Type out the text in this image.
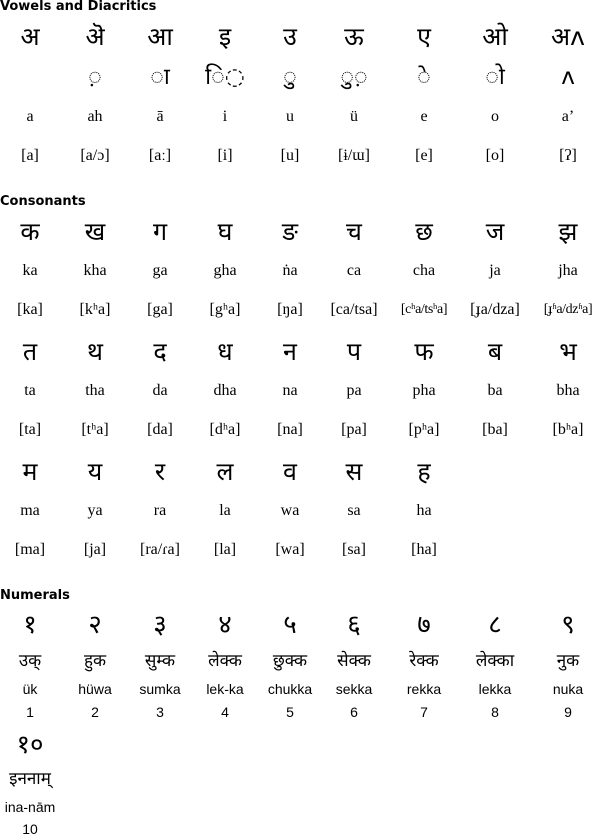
Vowels and Diacritics
अ
a
[a]
ऄ
◌़
ah
[a/ɔ]
आ
◌ा
ā
[aː]
इ
ि◌
i
[i]
उ
◌ु
u
[u]
ऊ
◌ु◌़
ü
[ɨ/ɯ]
ए
◌े
e
[e]
ओ
◌ो
o
[o]
अʌ
ʌ
a’
[ʔ]
Consonants
क
ka
[ka]
ख
kha
[kʰa]
ग
ga
[ga]
घ
gha
[gʰa]
ङ
ṅa
[ŋa]
च
ca
[ca/tsa]
छ
cha
[cʰa/tsʰa]
ज
ja
[ɟa/dza]
झ
jha
[ɟʱa/dzʱa]
त
ta
[ta]
थ
tha
[tʰa]
द
da
[da]
ध
dha
[dʰa]
न
na
[na]
प
pa
[pa]
फ
pha
[pʰa]
ब
ba
[ba]
भ
bha
[bʰa]
म
ma
[ma]
य
ya
[ja]
र
ra
[ra/ɾa]
ल
la
[la]
व
wa
[wa]
स
sa
[sa]
ह
ha
[ha]
Numerals
१
उक्
ük
1
२
हुक
hüwa
2
३
सुम्क
sumka
3
४
लेक्क
lek-ka
4
५
छुक्क
chukka
5
६
सेक्क
sekka
6
७
रेक्क
rekka
7
८
लेक्का
lekka
8
९
नुक
nuka
9
१०
इननाम्
ina-nām
10
